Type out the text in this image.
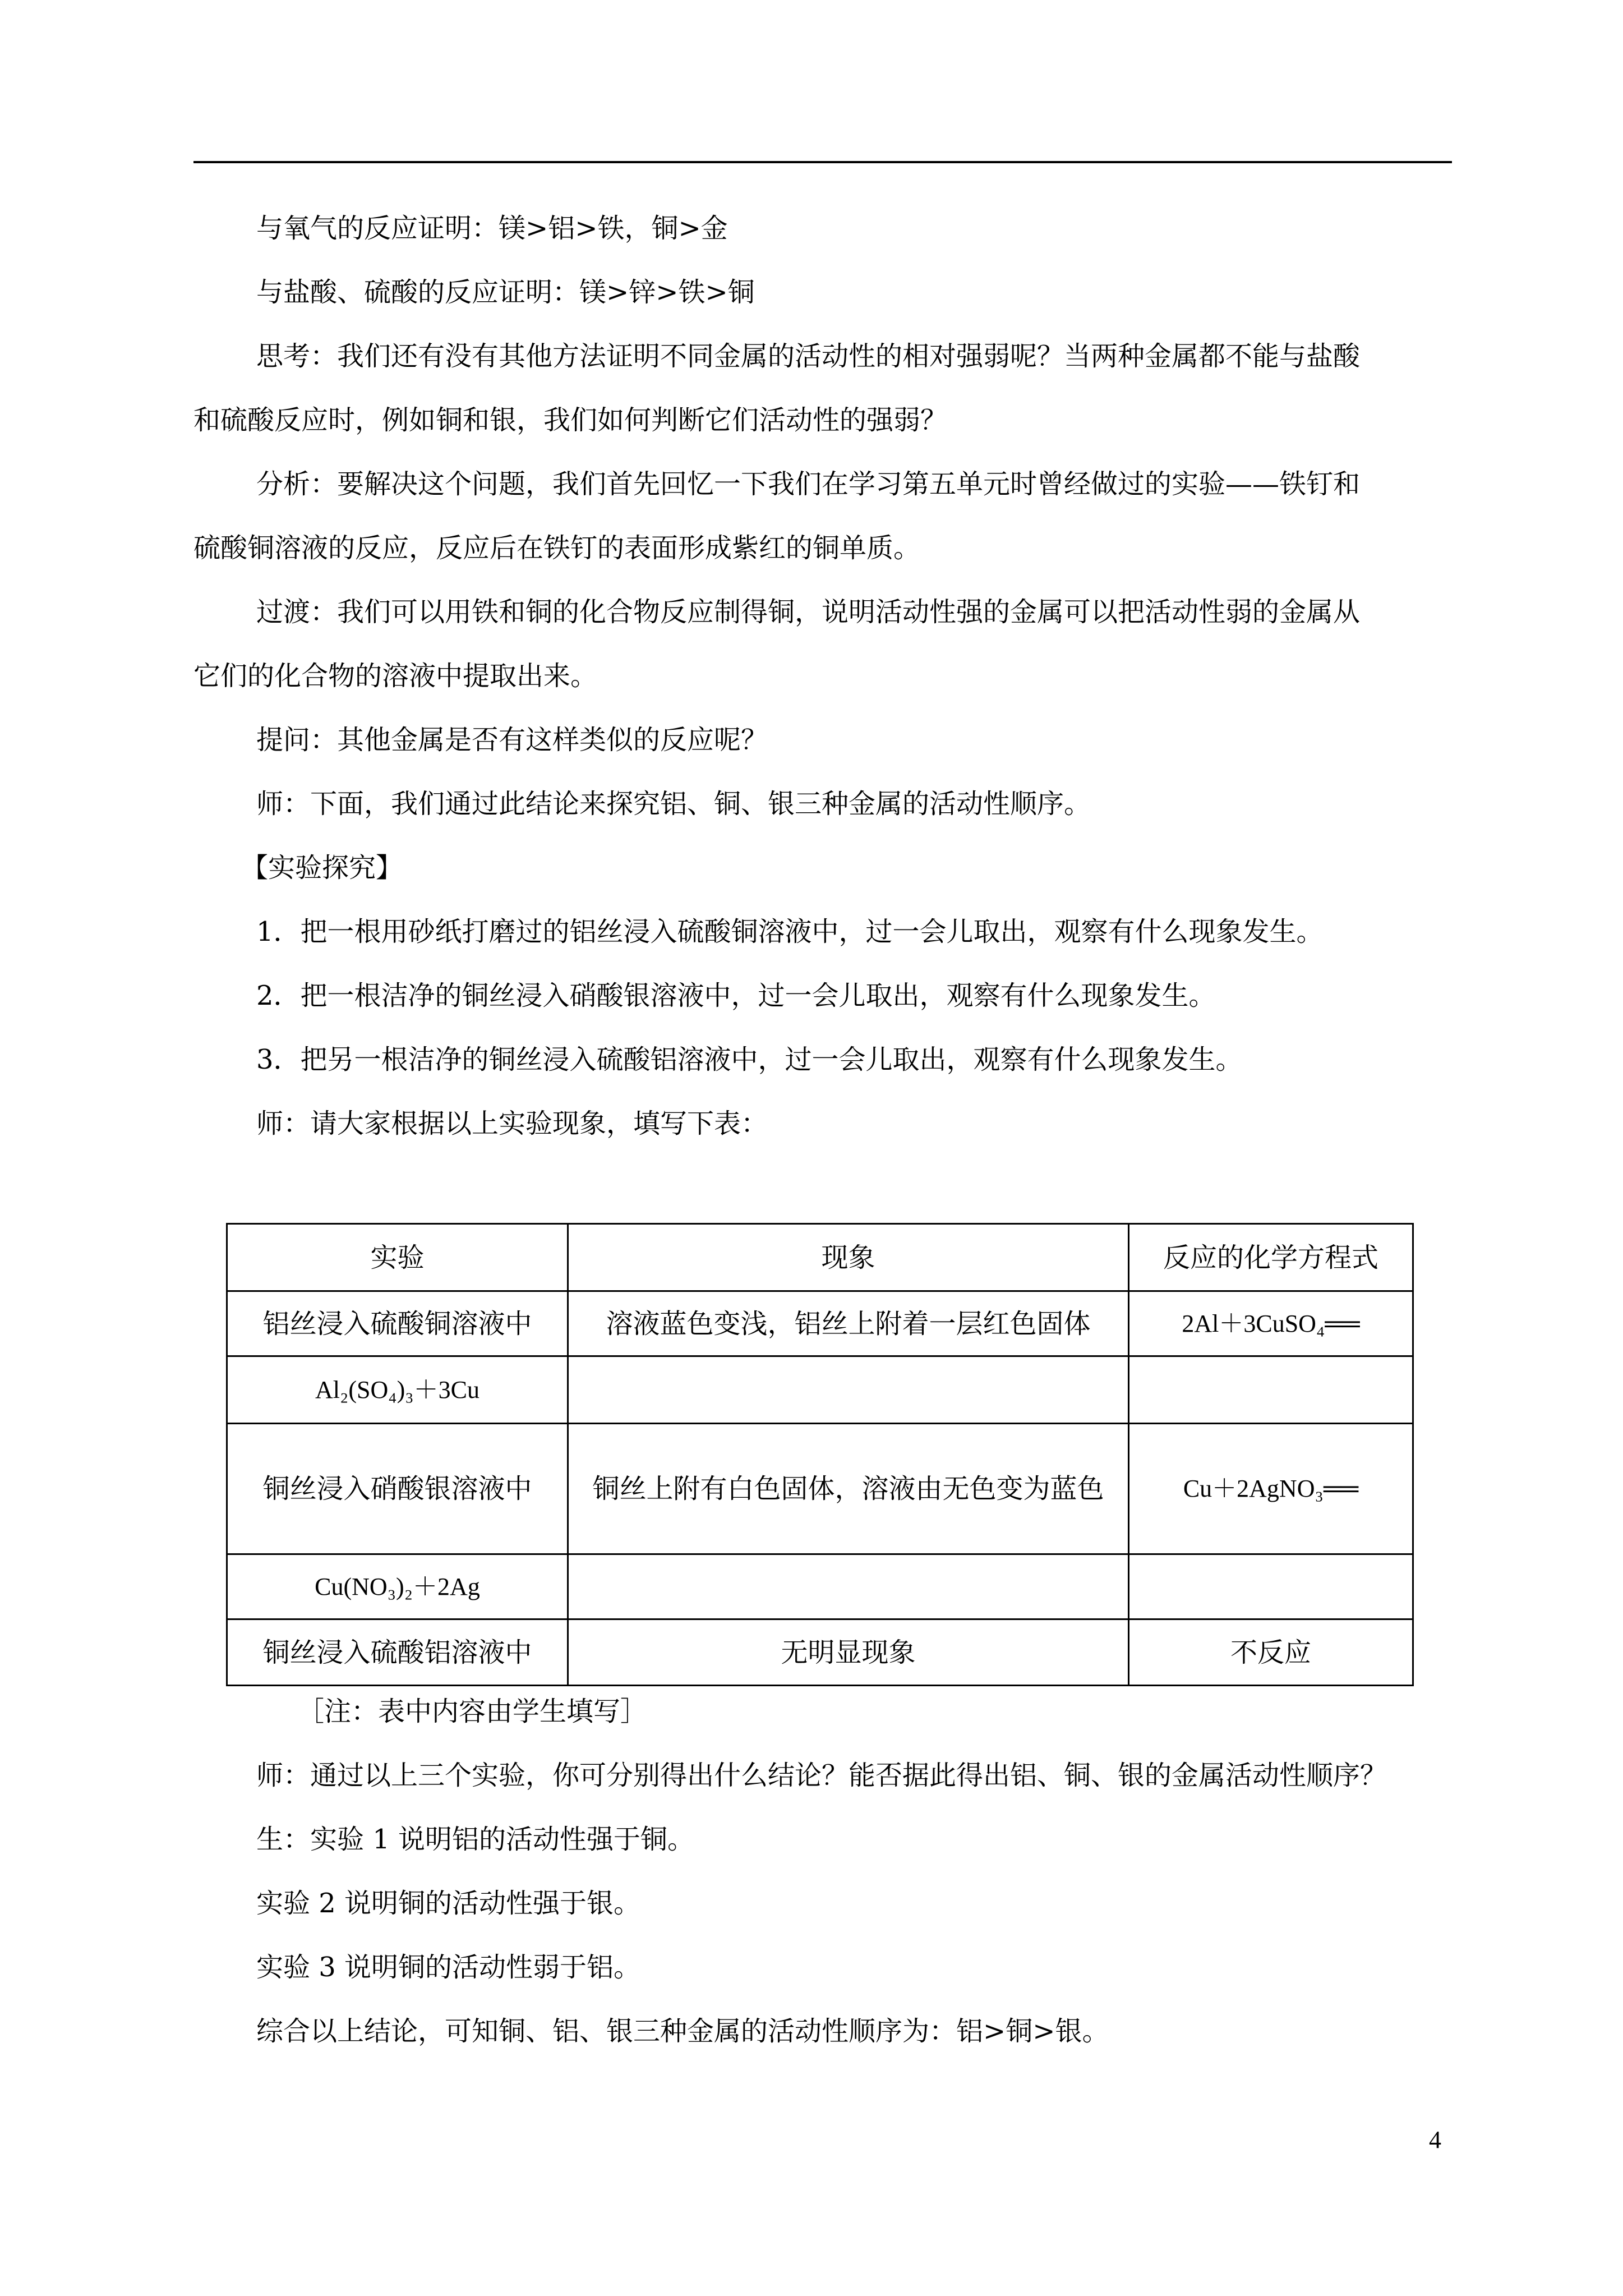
与氧气的反应证明：镁>铝>铁，铜>金
与盐酸、硫酸的反应证明：镁>锌>铁>铜
思考：我们还有没有其他方法证明不同金属的活动性的相对强弱呢？当两种金属都不能与盐酸
和硫酸反应时，例如铜和银，我们如何判断它们活动性的强弱？
分析：要解决这个问题，我们首先回忆一下我们在学习第五单元时曾经做过的实验——铁钉和
硫酸铜溶液的反应，反应后在铁钉的表面形成紫红的铜单质。
过渡：我们可以用铁和铜的化合物反应制得铜，说明活动性强的金属可以把活动性弱的金属从
它们的化合物的溶液中提取出来。
提问：其他金属是否有这样类似的反应呢？
师：下面，我们通过此结论来探究铝、铜、银三种金属的活动性顺序。
【实验探究】
1．把一根用砂纸打磨过的铝丝浸入硫酸铜溶液中，过一会儿取出，观察有什么现象发生。
2．把一根洁净的铜丝浸入硝酸银溶液中，过一会儿取出，观察有什么现象发生。
3．把另一根洁净的铜丝浸入硫酸铝溶液中，过一会儿取出，观察有什么现象发生。
师：请大家根据以上实验现象，填写下表：
实验	现象	反应的化学方程式
铝丝浸入硫酸铜溶液中	溶液蓝色变浅，铝丝上附着一层红色固体	2Al＋3CuSO₄══
Al₂(SO₄)₃＋3Cu		
铜丝浸入硝酸银溶液中	铜丝上附有白色固体，溶液由无色变为蓝色	Cu＋2AgNO₃══
Cu(NO₃)₂＋2Ag		
铜丝浸入硫酸铝溶液中	无明显现象	不反应
［注：表中内容由学生填写］
师：通过以上三个实验，你可分别得出什么结论？能否据此得出铝、铜、银的金属活动性顺序？
生：实验 1 说明铝的活动性强于铜。
实验 2 说明铜的活动性强于银。
实验 3 说明铜的活动性弱于铝。
综合以上结论，可知铜、铝、银三种金属的活动性顺序为：铝>铜>银。
4
